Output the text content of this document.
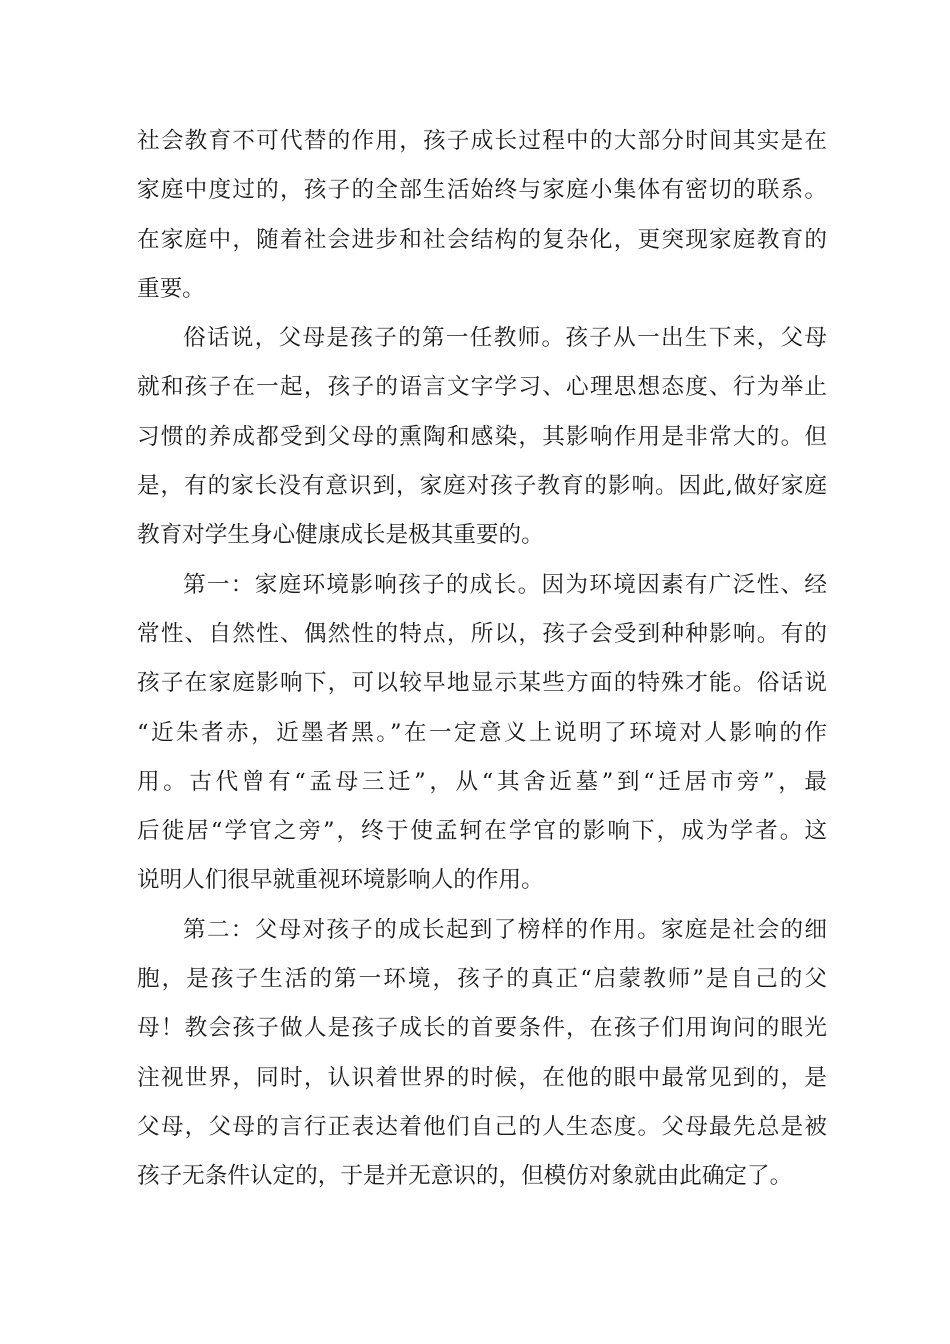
社会教育不可代替的作用，孩子成长过程中的大部分时间其实是在
家庭中度过的，孩子的全部生活始终与家庭小集体有密切的联系。
在家庭中，随着社会进步和社会结构的复杂化，更突现家庭教育的
重要。
俗话说，父母是孩子的第一任教师。孩子从一出生下来，父母
就和孩子在一起，孩子的语言文字学习、心理思想态度、行为举止
习惯的养成都受到父母的熏陶和感染，其影响作用是非常大的。但
是，有的家长没有意识到，家庭对孩子教育的影响。因此,做好家庭
教育对学生身心健康成长是极其重要的。
第一：家庭环境影响孩子的成长。因为环境因素有广泛性、经
常性、自然性、偶然性的特点，所以，孩子会受到种种影响。有的
孩子在家庭影响下，可以较早地显示某些方面的特殊才能。俗话说
“近朱者赤，近墨者黑。”在一定意义上说明了环境对人影响的作
用。古代曾有“孟母三迁”，从“其舍近墓”到“迁居市旁”，最
后徙居“学官之旁”，终于使孟轲在学官的影响下，成为学者。这
说明人们很早就重视环境影响人的作用。
第二：父母对孩子的成长起到了榜样的作用。家庭是社会的细
胞，是孩子生活的第一环境，孩子的真正“启蒙教师”是自己的父
母！教会孩子做人是孩子成长的首要条件，在孩子们用询问的眼光
注视世界，同时，认识着世界的时候，在他的眼中最常见到的，是
父母，父母的言行正表达着他们自己的人生态度。父母最先总是被
孩子无条件认定的，于是并无意识的，但模仿对象就由此确定了。
